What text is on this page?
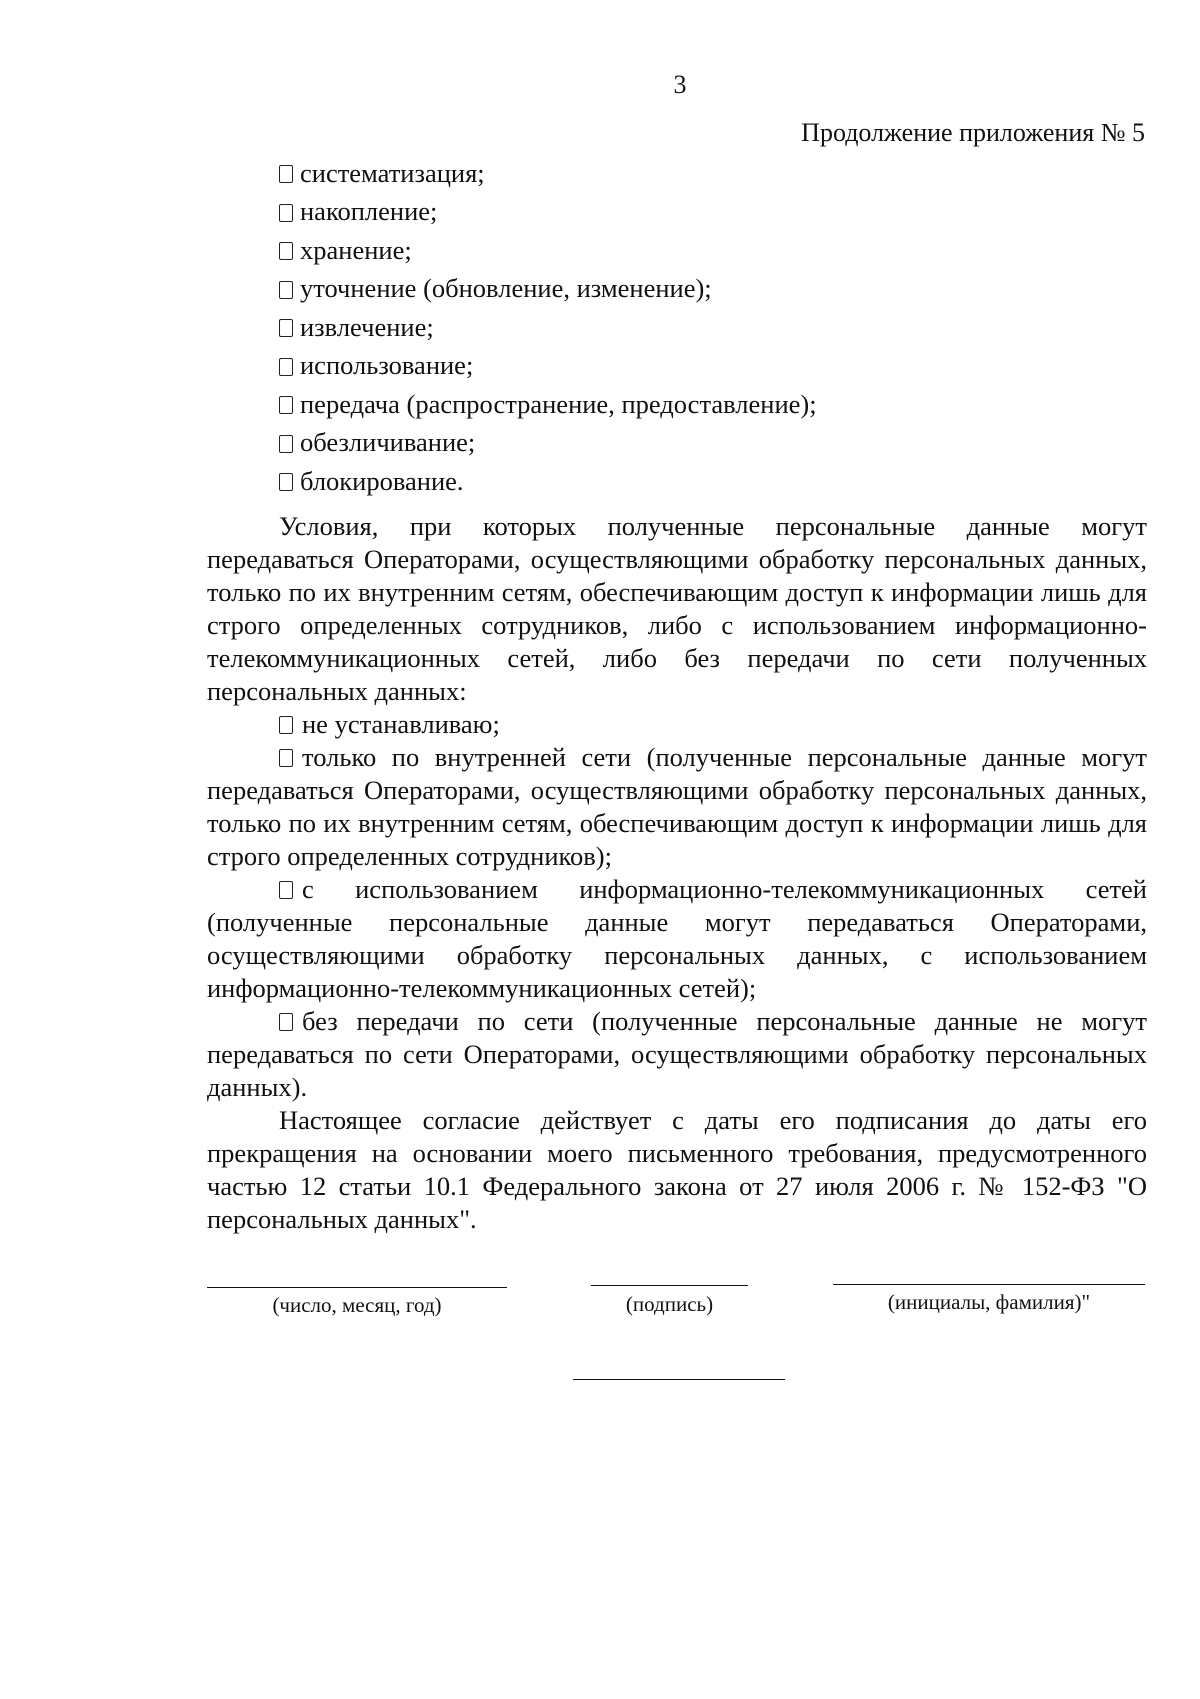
3
Продолжение приложения № 5
систематизация;
накопление;
хранение;
уточнение (обновление, изменение);
извлечение;
использование;
передача (распространение, предоставление);
обезличивание;
блокирование.

Условия, при которых полученные персональные данные могут передаваться Операторами, осуществляющими обработку персональных данных, только по их внутренним сетям, обеспечивающим доступ к информации лишь для строго определенных сотрудников, либо с использованием информационно-телекоммуникационных сетей, либо без передачи по сети полученных персональных данных:

не устанавливаю;

только по внутренней сети (полученные персональные данные могут передаваться Операторами, осуществляющими обработку персональных данных, только по их внутренним сетям, обеспечивающим доступ к информации лишь для строго определенных сотрудников);

с использованием информационно-телекоммуникационных сетей (полученные персональные данные могут передаваться Операторами, осуществляющими обработку персональных данных, с использованием информационно-телекоммуникационных сетей);

без передачи по сети (полученные персональные данные не могут передаваться по сети Операторами, осуществляющими обработку персональных данных).

Настоящее согласие действует с даты его подписания до даты его прекращения на основании моего письменного требования, предусмотренного частью 12 статьи 10.1 Федерального закона от 27 июля 2006 г. № 152-ФЗ "О персональных данных".

(число, месяц, год)	(подпись)	(инициалы, фамилия)"
